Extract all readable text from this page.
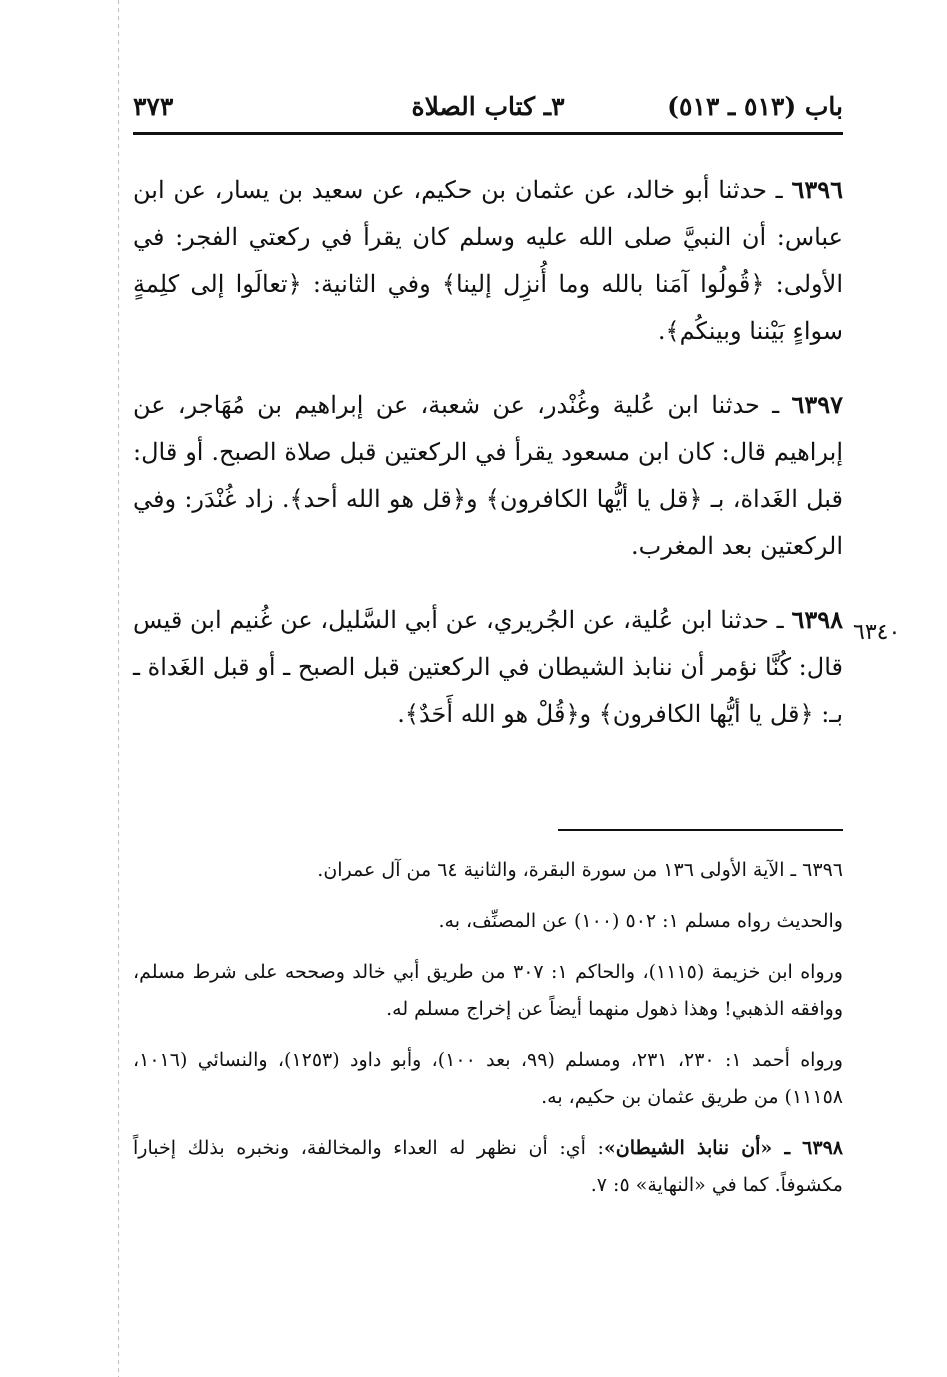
باب (٥١٣ ـ ٥١٣)
٣ـ كتاب الصلاة
٣٧٣

٦٣٩٦ ـ حدثنا أبو خالد، عن عثمان بن حكيم، عن سعيد بن يسار، عن ابن عباس: أن النبيَّ صلى الله عليه وسلم كان يقرأ في ركعتي الفجر: في الأولى: ﴿قُولُوا آمَنا بالله وما أُنزِل إلينا﴾ وفي الثانية: ﴿تعالَوا إلى كلِمةٍ سواءٍ بَيْننا وبينكُم﴾.

٦٣٩٧ ـ حدثنا ابن عُلية وغُنْدر، عن شعبة، عن إبراهيم بن مُهَاجر، عن إبراهيم قال: كان ابن مسعود يقرأ في الركعتين قبل صلاة الصبح. أو قال: قبل الغَداة، بـ ﴿قل يا أيُّها الكافرون﴾ و﴿قل هو الله أحد﴾. زاد غُنْدَر: وفي الركعتين بعد المغرب.

٦٣٩٨ ـ حدثنا ابن عُلية، عن الجُريري، عن أبي السَّليل، عن غُنيم ابن قيس قال: كُنَّا نؤمر أن ننابذ الشيطان في الركعتين قبل الصبح ـ أو قبل الغَداة ـ بـ: ﴿قل يا أيُّها الكافرون﴾ و﴿قُلْ هو الله أَحَدٌ﴾.

٦٣٤٠

٦٣٩٦ ـ الآية الأولى ١٣٦ من سورة البقرة، والثانية ٦٤ من آل عمران.

والحديث رواه مسلم ١: ٥٠٢ (١٠٠) عن المصنِّف، به.

ورواه ابن خزيمة (١١١٥)، والحاكم ١: ٣٠٧ من طريق أبي خالد وصححه على شرط مسلم، ووافقه الذهبي! وهذا ذهول منهما أيضاً عن إخراج مسلم له.

ورواه أحمد ١: ٢٣٠، ٢٣١، ومسلم (٩٩، بعد ١٠٠)، وأبو داود (١٢٥٣)، والنسائي (١٠١٦، ١١١٥٨) من طريق عثمان بن حكيم، به.

٦٣٩٨ ـ «أن ننابذ الشيطان»: أي: أن نظهر له العداء والمخالفة، ونخبره بذلك إخباراً مكشوفاً. كما في «النهاية» ٥: ٧.
